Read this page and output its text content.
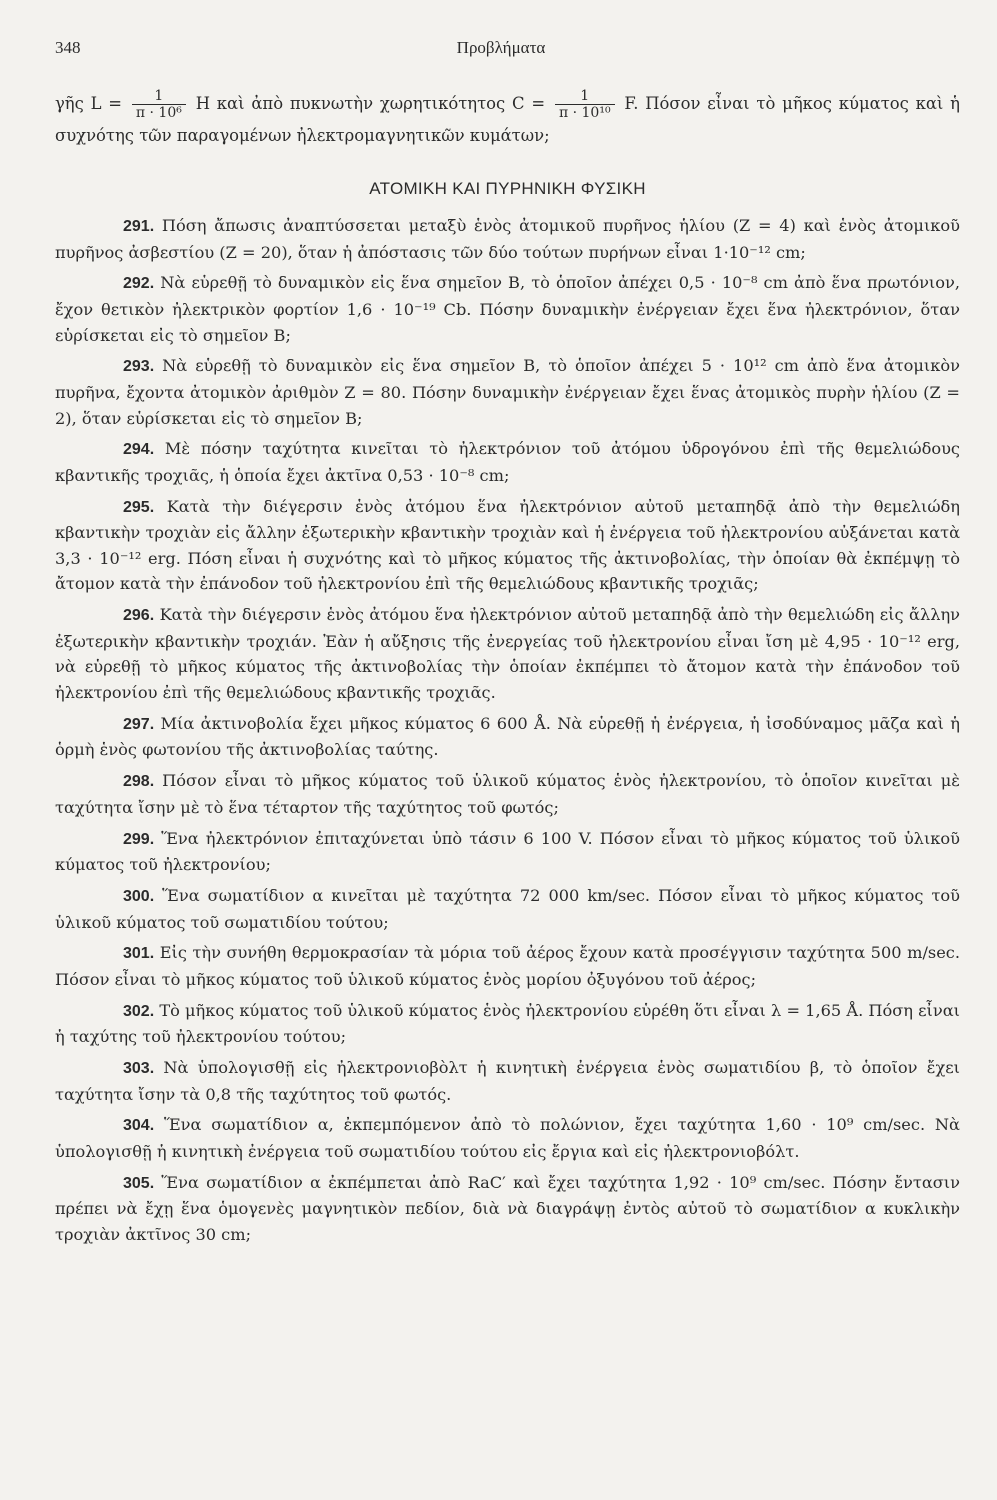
348	Προβλήματα
γῆς $L = \frac{1}{\text{π · 10⁶}}$ H καὶ ἀπὸ πυκνωτὴν χωρητικότητος $C = \frac{1}{\text{π · 10¹⁰}} F$. Πόσον εἶναι τὸ μῆκος κύματος καὶ ἡ συχνότης τῶν παραγομένων ἠλεκτρομαγνητικῶν κυμάτων;
ΑΤΟΜΙΚΗ ΚΑΙ ΠΥΡΗΝΙΚΗ ΦΥΣΙΚΗ

291. Πόση ἄπωσις ἀναπτύσσεται μεταξὺ ἑνὸς ἀτομικοῦ πυρῆνος ἡλίου (Z = 4) καὶ ἑνὸς ἀτομικοῦ πυρῆνος ἀσβεστίου (Z = 20), ὅταν ἡ ἀπόστασις τῶν δύο τούτων πυρήνων εἶναι 1·10⁻¹² cm;

292. Νὰ εὑρεθῇ τὸ δυναμικὸν εἰς ἕνα σημεῖον B, τὸ ὁποῖον ἀπέχει 0,5 · 10⁻⁸ cm ἀπὸ ἕνα πρωτόνιον, ἔχον θετικὸν ἠλεκτρικὸν φορτίον 1,6 · 10⁻¹⁹ Cb. Πόσην δυναμικὴν ἐνέργειαν ἔχει ἕνα ἠλεκτρόνιον, ὅταν εὑρίσκεται εἰς τὸ σημεῖον B;

293. Νὰ εὑρεθῇ τὸ δυναμικὸν εἰς ἕνα σημεῖον B, τὸ ὁποῖον ἀπέχει 5 · 10¹² cm ἀπὸ ἕνα ἀτομικὸν πυρῆνα, ἔχοντα ἀτομικὸν ἀριθμὸν Z = 80. Πόσην δυναμικὴν ἐνέργειαν ἔχει ἕνας ἀτομικὸς πυρὴν ἡλίου (Z = 2), ὅταν εὑρίσκεται εἰς τὸ σημεῖον B;

294. Μὲ πόσην ταχύτητα κινεῖται τὸ ἠλεκτρόνιον τοῦ ἀτόμου ὑδρογόνου ἐπὶ τῆς θεμελιώδους κβαντικῆς τροχιᾶς, ἡ ὁποία ἔχει ἀκτῖνα 0,53 · 10⁻⁸ cm;

295. Κατὰ τὴν διέγερσιν ἑνὸς ἀτόμου ἕνα ἠλεκτρόνιον αὐτοῦ μεταπηδᾷ ἀπὸ τὴν θεμελιώδη κβαντικὴν τροχιὰν εἰς ἄλλην ἐξωτερικὴν κβαντικὴν τροχιὰν καὶ ἡ ἐνέργεια τοῦ ἠλεκτρονίου αὐξάνεται κατὰ 3,3 · 10⁻¹² erg. Πόση εἶναι ἡ συχνότης καὶ τὸ μῆκος κύματος τῆς ἀκτινοβολίας, τὴν ὁποίαν θὰ ἐκπέμψῃ τὸ ἄτομον κατὰ τὴν ἐπάνοδον τοῦ ἠλεκτρονίου ἐπὶ τῆς θεμελιώδους κβαντικῆς τροχιᾶς;

296. Κατὰ τὴν διέγερσιν ἑνὸς ἀτόμου ἕνα ἠλεκτρόνιον αὐτοῦ μεταπηδᾷ ἀπὸ τὴν θεμελιώδη εἰς ἄλλην ἐξωτερικὴν κβαντικὴν τροχιάν. Ἐὰν ἡ αὔξησις τῆς ἐνεργείας τοῦ ἠλεκτρονίου εἶναι ἴση μὲ 4,95 · 10⁻¹² erg, νὰ εὑρεθῇ τὸ μῆκος κύματος τῆς ἀκτινοβολίας τὴν ὁποίαν ἐκπέμπει τὸ ἄτομον κατὰ τὴν ἐπάνοδον τοῦ ἠλεκτρονίου ἐπὶ τῆς θεμελιώδους κβαντικῆς τροχιᾶς.

297. Μία ἀκτινοβολία ἔχει μῆκος κύματος 6 600 Å. Νὰ εὑρεθῇ ἡ ἐνέργεια, ἡ ἰσοδύναμος μᾶζα καὶ ἡ ὁρμὴ ἑνὸς φωτονίου τῆς ἀκτινοβολίας ταύτης.

298. Πόσον εἶναι τὸ μῆκος κύματος τοῦ ὑλικοῦ κύματος ἑνὸς ἠλεκτρονίου, τὸ ὁποῖον κινεῖται μὲ ταχύτητα ἴσην μὲ τὸ ἕνα τέταρτον τῆς ταχύτητος τοῦ φωτός;

299. Ἕνα ἠλεκτρόνιον ἐπιταχύνεται ὑπὸ τάσιν 6 100 V. Πόσον εἶναι τὸ μῆκος κύματος τοῦ ὑλικοῦ κύματος τοῦ ἠλεκτρονίου;

300. Ἕνα σωματίδιον α κινεῖται μὲ ταχύτητα 72 000 km/sec. Πόσον εἶναι τὸ μῆκος κύματος τοῦ ὑλικοῦ κύματος τοῦ σωματιδίου τούτου;

301. Εἰς τὴν συνήθη θερμοκρασίαν τὰ μόρια τοῦ ἀέρος ἔχουν κατὰ προσέγγισιν ταχύτητα 500 m/sec. Πόσον εἶναι τὸ μῆκος κύματος τοῦ ὑλικοῦ κύματος ἑνὸς μορίου ὀξυγόνου τοῦ ἀέρος;

302. Τὸ μῆκος κύματος τοῦ ὑλικοῦ κύματος ἑνὸς ἠλεκτρονίου εὑρέθη ὅτι εἶναι λ = 1,65 Å. Πόση εἶναι ἡ ταχύτης τοῦ ἠλεκτρονίου τούτου;

303. Νὰ ὑπολογισθῇ εἰς ἠλεκτρονιοβὸλτ ἡ κινητικὴ ἐνέργεια ἑνὸς σωματιδίου β, τὸ ὁποῖον ἔχει ταχύτητα ἴσην τὰ 0,8 τῆς ταχύτητος τοῦ φωτός.

304. Ἕνα σωματίδιον α, ἐκπεμπόμενον ἀπὸ τὸ πολώνιον, ἔχει ταχύτητα 1,60 · 10⁹ cm/sec. Νὰ ὑπολογισθῇ ἡ κινητικὴ ἐνέργεια τοῦ σωματιδίου τούτου εἰς ἔργια καὶ εἰς ἠλεκτρονιοβόλτ.

305. Ἕνα σωματίδιον α ἐκπέμπεται ἀπὸ RaC′ καὶ ἔχει ταχύτητα 1,92 · 10⁹ cm/sec. Πόσην ἔντασιν πρέπει νὰ ἔχῃ ἕνα ὁμογενὲς μαγνητικὸν πεδίον, διὰ νὰ διαγράψῃ ἐντὸς αὐτοῦ τὸ σωματίδιον α κυκλικὴν τροχιὰν ἀκτῖνος 30 cm;
